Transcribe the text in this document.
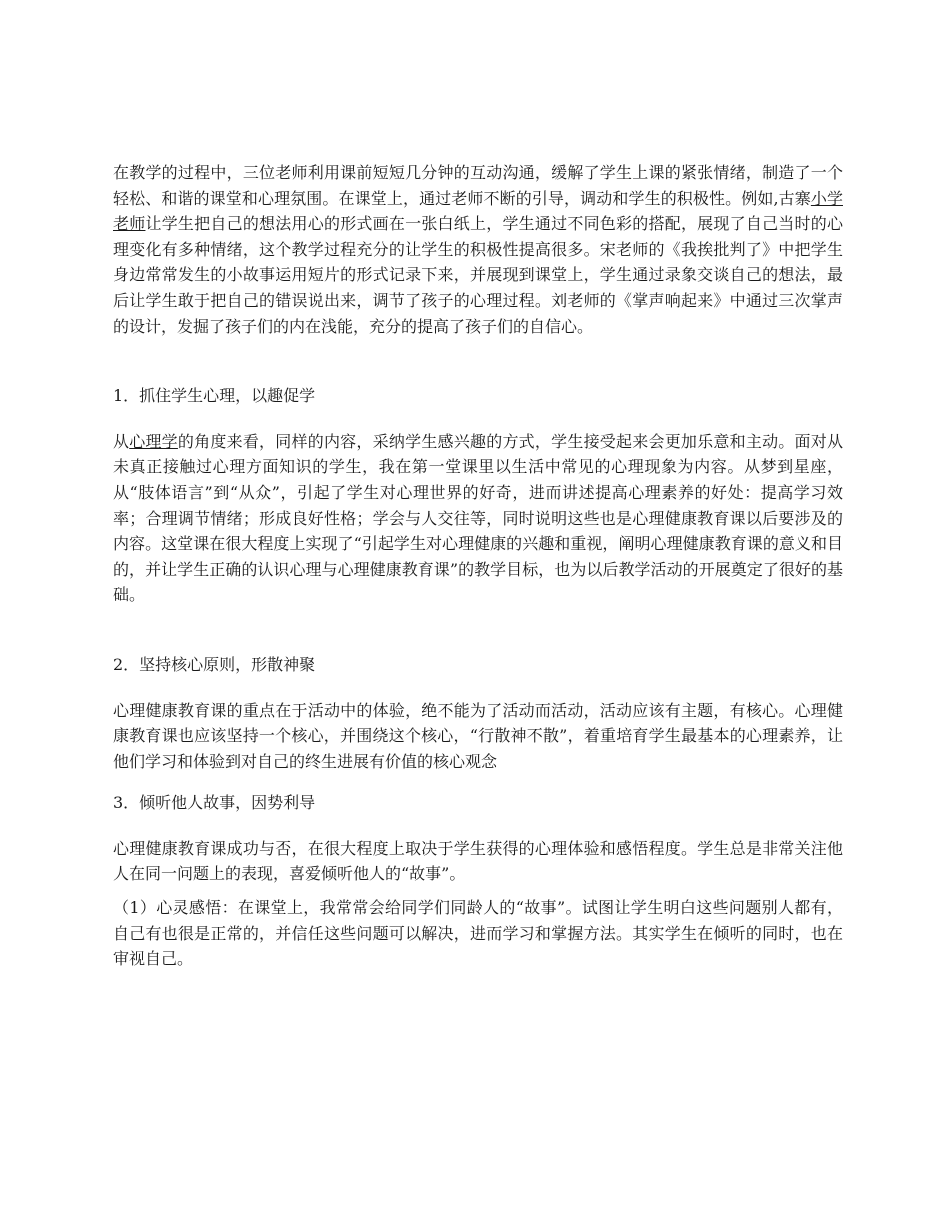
在教学的过程中，三位老师利用课前短短几分钟的互动沟通，缓解了学生上课的紧张情绪，制造了一个轻松、和谐的课堂和心理氛围。在课堂上，通过老师不断的引导，调动和学生的积极性。例如,古寨小学老师让学生把自己的想法用心的形式画在一张白纸上，学生通过不同色彩的搭配，展现了自己当时的心理变化有多种情绪，这个教学过程充分的让学生的积极性提高很多。宋老师的《我挨批判了》中把学生身边常常发生的小故事运用短片的形式记录下来，并展现到课堂上，学生通过录象交谈自己的想法，最后让学生敢于把自己的错误说出来，调节了孩子的心理过程。刘老师的《掌声响起来》中通过三次掌声的设计，发掘了孩子们的内在浅能，充分的提高了孩子们的自信心。

1．抓住学生心理，以趣促学

从心理学的角度来看，同样的内容，采纳学生感兴趣的方式，学生接受起来会更加乐意和主动。面对从未真正接触过心理方面知识的学生，我在第一堂课里以生活中常见的心理现象为内容。从梦到星座，从“肢体语言”到“从众”，引起了学生对心理世界的好奇，进而讲述提高心理素养的好处：提高学习效率；合理调节情绪；形成良好性格；学会与人交往等，同时说明这些也是心理健康教育课以后要涉及的内容。这堂课在很大程度上实现了“引起学生对心理健康的兴趣和重视，阐明心理健康教育课的意义和目的，并让学生正确的认识心理与心理健康教育课”的教学目标，也为以后教学活动的开展奠定了很好的基础。

2．坚持核心原则，形散神聚

心理健康教育课的重点在于活动中的体验，绝不能为了活动而活动，活动应该有主题，有核心。心理健康教育课也应该坚持一个核心，并围绕这个核心，“行散神不散”，着重培育学生最基本的心理素养，让他们学习和体验到对自己的终生进展有价值的核心观念

3．倾听他人故事，因势利导

心理健康教育课成功与否，在很大程度上取决于学生获得的心理体验和感悟程度。学生总是非常关注他人在同一问题上的表现，喜爱倾听他人的“故事”。

（1）心灵感悟：在课堂上，我常常会给同学们同龄人的“故事”。试图让学生明白这些问题别人都有，自己有也很是正常的，并信任这些问题可以解决，进而学习和掌握方法。其实学生在倾听的同时，也在审视自己。
